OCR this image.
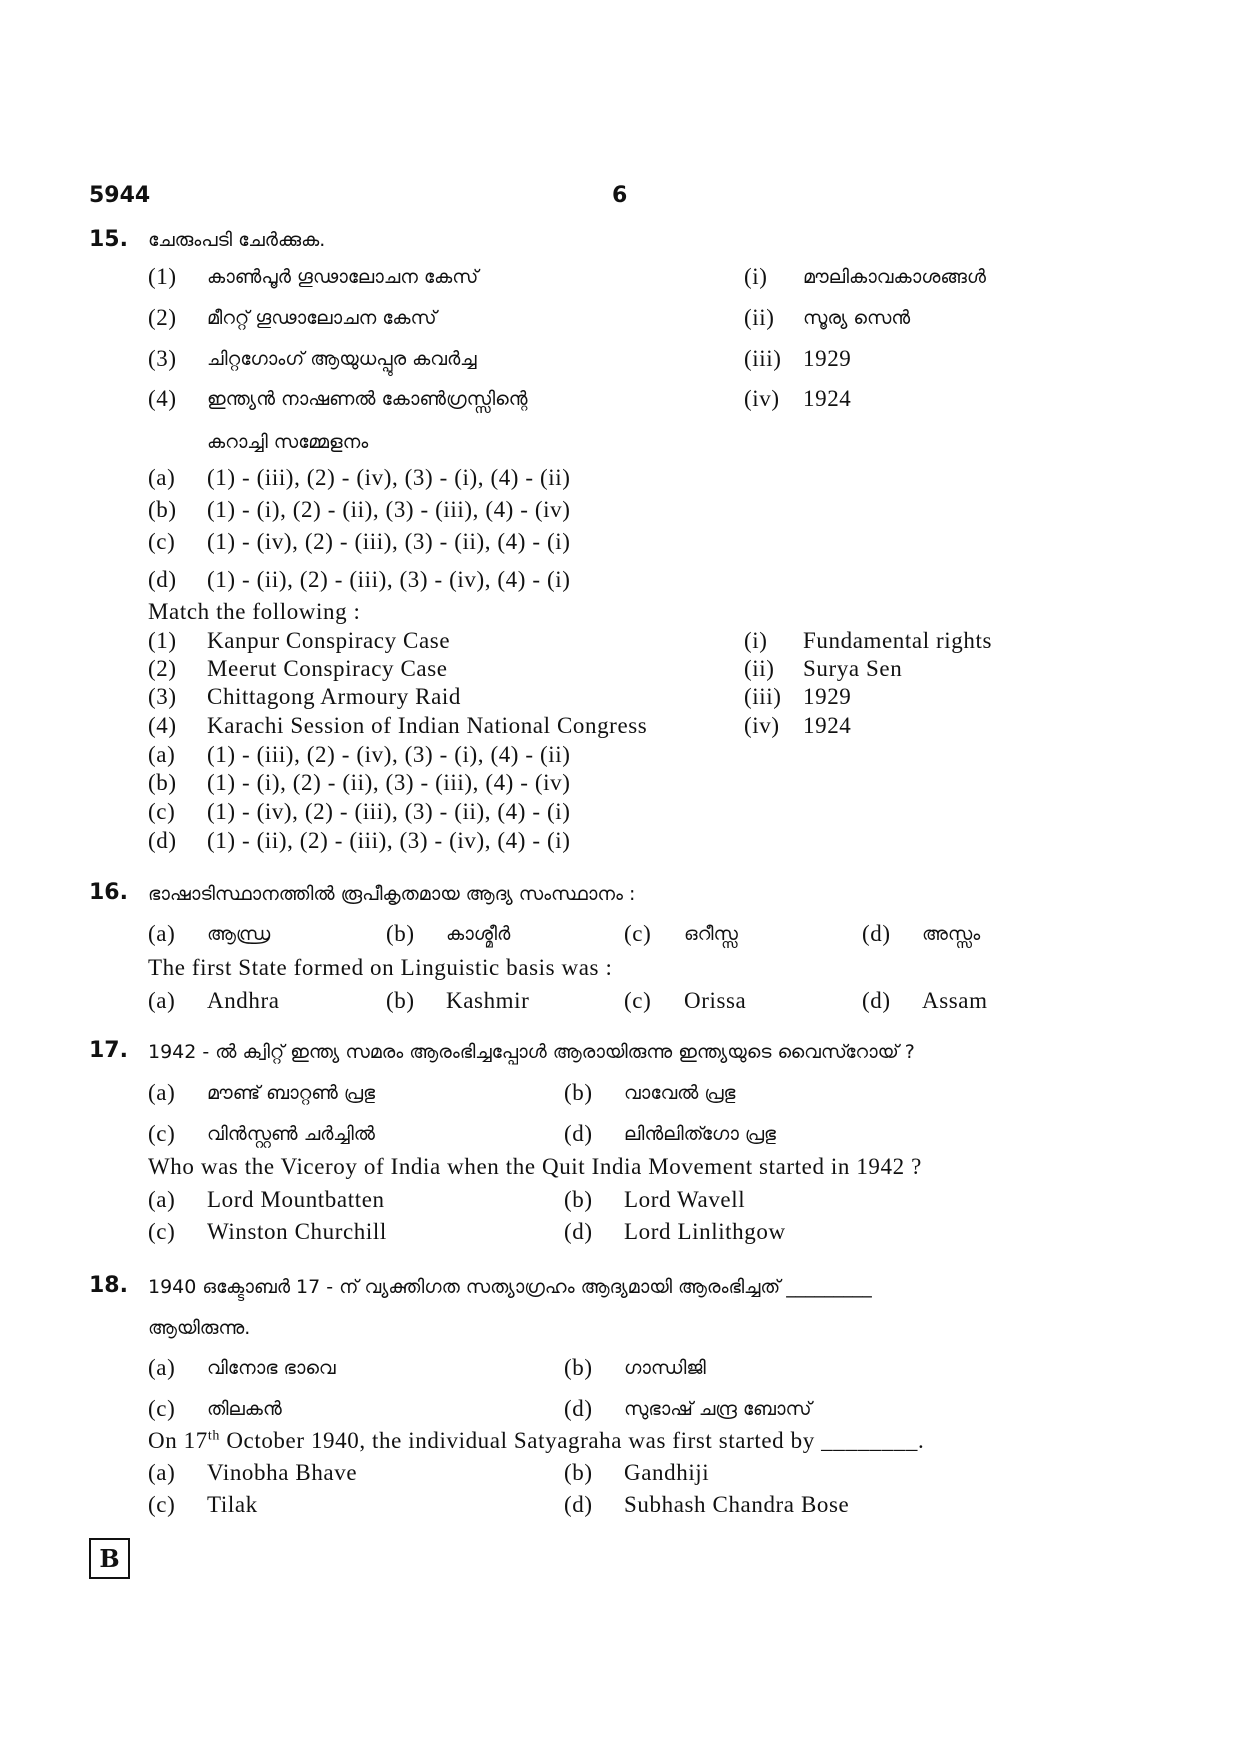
5944	6
15. ചേരുംപടി ചേർക്കുക.
(1) കാൺപൂർ ഗൂഢാലോചന കേസ്	(i) മൗലികാവകാശങ്ങൾ
(2) മീററ്റ് ഗൂഢാലോചന കേസ്	(ii) സൂര്യ സെൻ
(3) ചിറ്റഗോംഗ് ആയുധപ്പുര കവർച്ച	(iii) 1929
(4) ഇന്ത്യൻ നാഷണൽ കോൺഗ്രസ്സിന്റെ	(iv) 1924
കറാച്ചി സമ്മേളനം
(a) (1) - (iii), (2) - (iv), (3) - (i), (4) - (ii)
(b) (1) - (i), (2) - (ii), (3) - (iii), (4) - (iv)
(c) (1) - (iv), (2) - (iii), (3) - (ii), (4) - (i)
(d) (1) - (ii), (2) - (iii), (3) - (iv), (4) - (i)
Match the following :
(1) Kanpur Conspiracy Case	(i) Fundamental rights
(2) Meerut Conspiracy Case	(ii) Surya Sen
(3) Chittagong Armoury Raid	(iii) 1929
(4) Karachi Session of Indian National Congress	(iv) 1924
(a) (1) - (iii), (2) - (iv), (3) - (i), (4) - (ii)
(b) (1) - (i), (2) - (ii), (3) - (iii), (4) - (iv)
(c) (1) - (iv), (2) - (iii), (3) - (ii), (4) - (i)
(d) (1) - (ii), (2) - (iii), (3) - (iv), (4) - (i)
16. ഭാഷാടിസ്ഥാനത്തിൽ രൂപീകൃതമായ ആദ്യ സംസ്ഥാനം :
(a) ആന്ധ്ര	(b) കാശ്മീർ	(c) ഒറീസ്സ	(d) അസ്സം
The first State formed on Linguistic basis was :
(a) Andhra	(b) Kashmir	(c) Orissa	(d) Assam
17. 1942 - ൽ ക്വിറ്റ് ഇന്ത്യ സമരം ആരംഭിച്ചപ്പോൾ ആരായിരുന്നു ഇന്ത്യയുടെ വൈസ്റോയ് ?
(a) മൗണ്ട് ബാറ്റൺ പ്രഭു	(b) വാവേൽ പ്രഭു
(c) വിൻസ്റ്റൺ ചർച്ചിൽ	(d) ലിൻലിത്ഗോ പ്രഭു
Who was the Viceroy of India when the Quit India Movement started in 1942 ?
(a) Lord Mountbatten	(b) Lord Wavell
(c) Winston Churchill	(d) Lord Linlithgow
18. 1940 ഒക്ടോബർ 17 - ന് വ്യക്തിഗത സത്യാഗ്രഹം ആദ്യമായി ആരംഭിച്ചത് _________
ആയിരുന്നു.
(a) വിനോഭ ഭാവെ	(b) ഗാന്ധിജി
(c) തിലകൻ	(d) സുഭാഷ് ചന്ദ്ര ബോസ്
On 17th October 1940, the individual Satyagraha was first started by ________.
(a) Vinobha Bhave	(b) Gandhiji
(c) Tilak	(d) Subhash Chandra Bose
B
